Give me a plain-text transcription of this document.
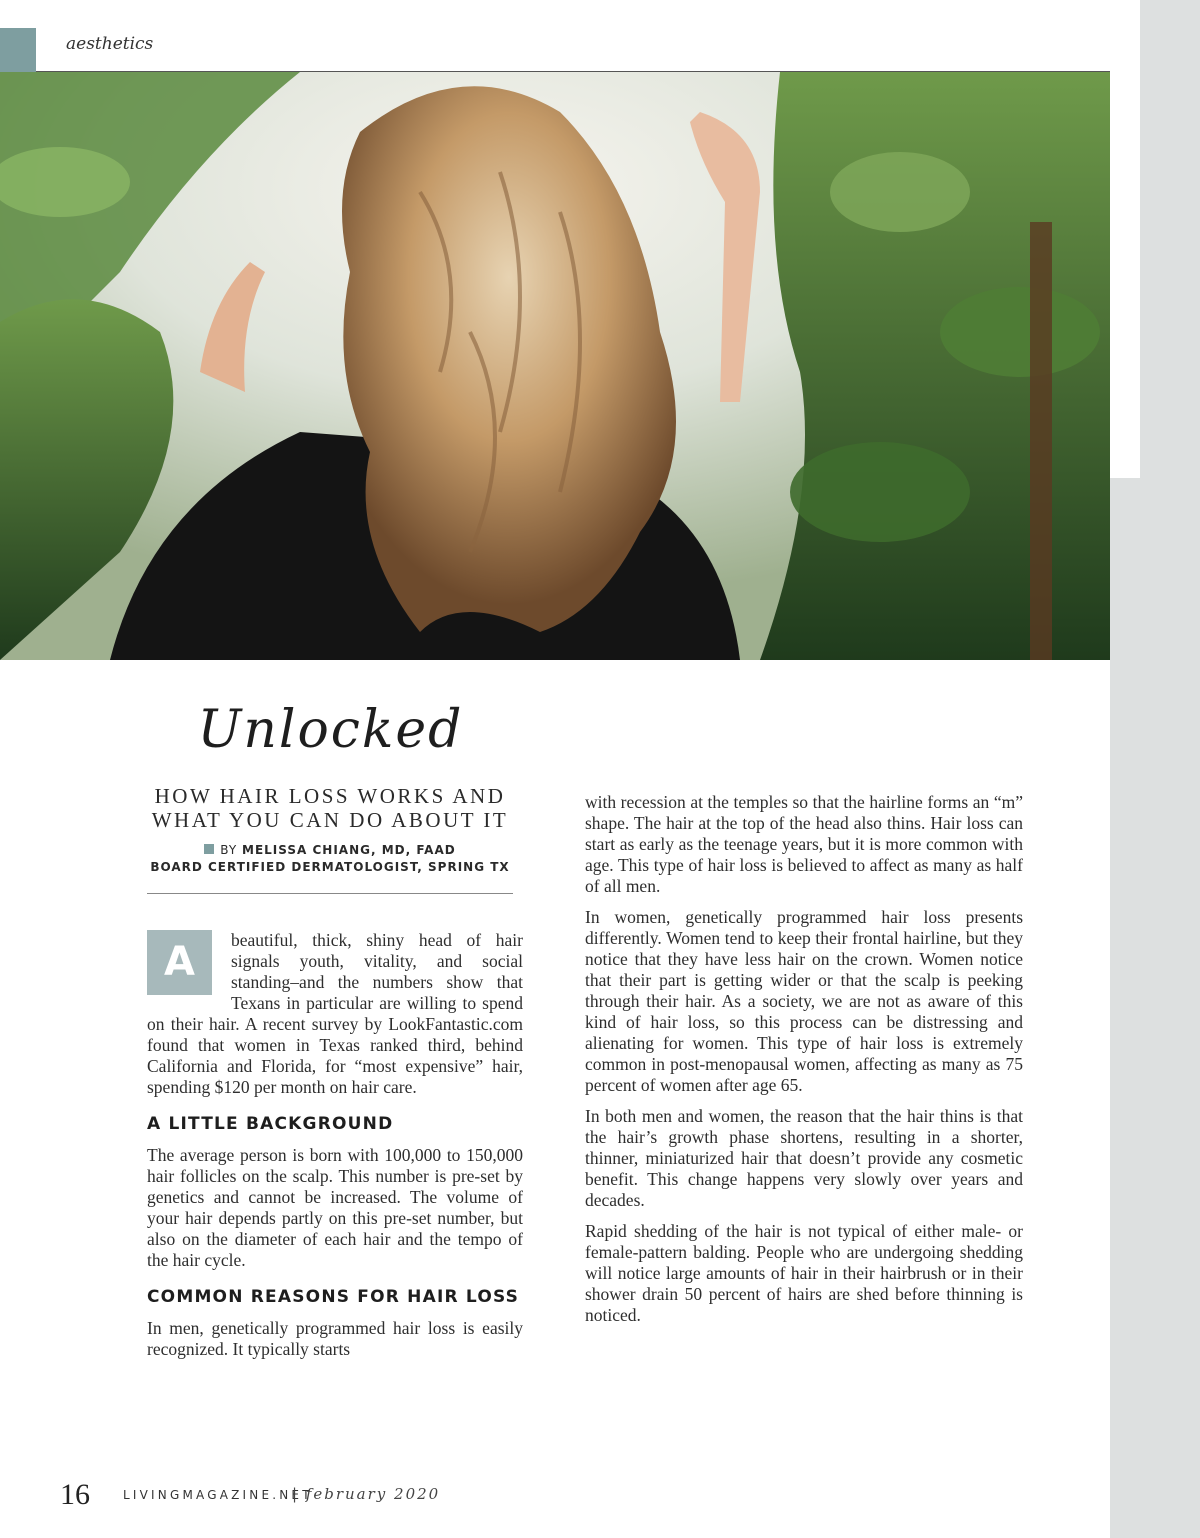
aesthetics
Unlocked
HOW HAIR LOSS WORKS AND
WHAT YOU CAN DO ABOUT IT
BY MELISSA CHIANG, MD, FAAD
BOARD CERTIFIED DERMATOLOGIST, SPRING TX

A	beautiful, thick, shiny head of hair signals youth, vitality, and social standing–and the numbers show that Texans in particular are willing to spend on their hair. A recent survey by LookFantastic.com found that women in Texas ranked third, behind California and Florida, for “most expensive” hair, spending $120 per month on hair care.

A LITTLE BACKGROUND

The average person is born with 100,000 to 150,000 hair follicles on the scalp. This number is pre-set by genetics and cannot be increased. The volume of your hair depends partly on this pre-set number, but also on the diameter of each hair and the tempo of the hair cycle.

COMMON REASONS FOR HAIR LOSS

In men, genetically programmed hair loss is easily recognized. It typically starts

with recession at the temples so that the hairline forms an “m” shape. The hair at the top of the head also thins. Hair loss can start as early as the teenage years, but it is more common with age. This type of hair loss is believed to affect as many as half of all men.

In women, genetically programmed hair loss presents differently. Women tend to keep their frontal hairline, but they notice that they have less hair on the crown. Women notice that their part is getting wider or that the scalp is peeking through their hair. As a society, we are not as aware of this kind of hair loss, so this process can be distressing and alienating for women. This type of hair loss is extremely common in post-menopausal women, affecting as many as 75 percent of women after age 65.

In both men and women, the reason that the hair thins is that the hair’s growth phase shortens, resulting in a shorter, thinner, miniaturized hair that doesn’t provide any cosmetic benefit. This change happens very slowly over years and decades.

Rapid shedding of the hair is not typical of either male- or female-pattern balding. People who are undergoing shedding will notice large amounts of hair in their hairbrush or in their shower drain 50 percent of hairs are shed before thinning is noticed.

16	LIVINGMAGAZINE.NET
| february 2020
